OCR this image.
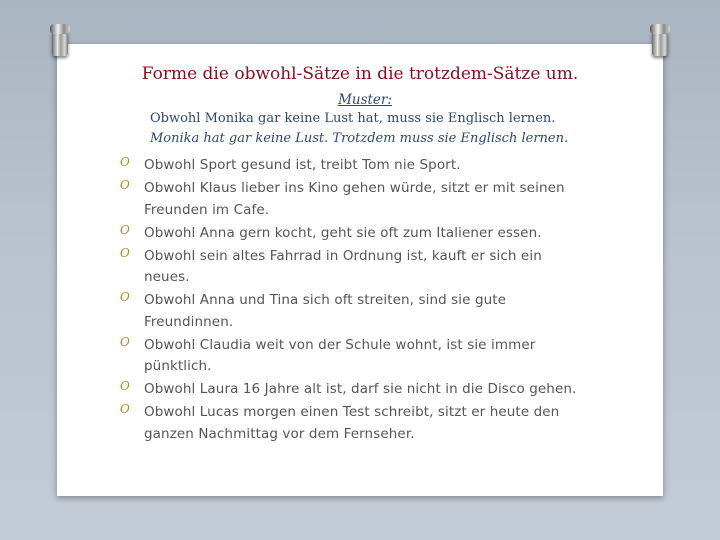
Forme die obwohl-Sätze in die trotzdem-Sätze um.
Muster:
Obwohl Monika gar keine Lust hat, muss sie Englisch lernen.
Monika hat gar keine Lust. Trotzdem muss sie Englisch lernen.
O Obwohl Sport gesund ist, treibt Tom nie Sport.
O Obwohl Klaus lieber ins Kino gehen würde, sitzt er mit seinen Freunden im Cafe.
O Obwohl Anna gern kocht, geht sie oft zum Italiener essen.
O Obwohl sein altes Fahrrad in Ordnung ist, kauft er sich ein neues.
O Obwohl Anna und Tina sich oft streiten, sind sie gute Freundinnen.
O Obwohl Claudia weit von der Schule wohnt, ist sie immer pünktlich.
O Obwohl Laura 16 Jahre alt ist, darf sie nicht in die Disco gehen.
O Obwohl Lucas morgen einen Test schreibt, sitzt er heute den ganzen Nachmittag vor dem Fernseher.
